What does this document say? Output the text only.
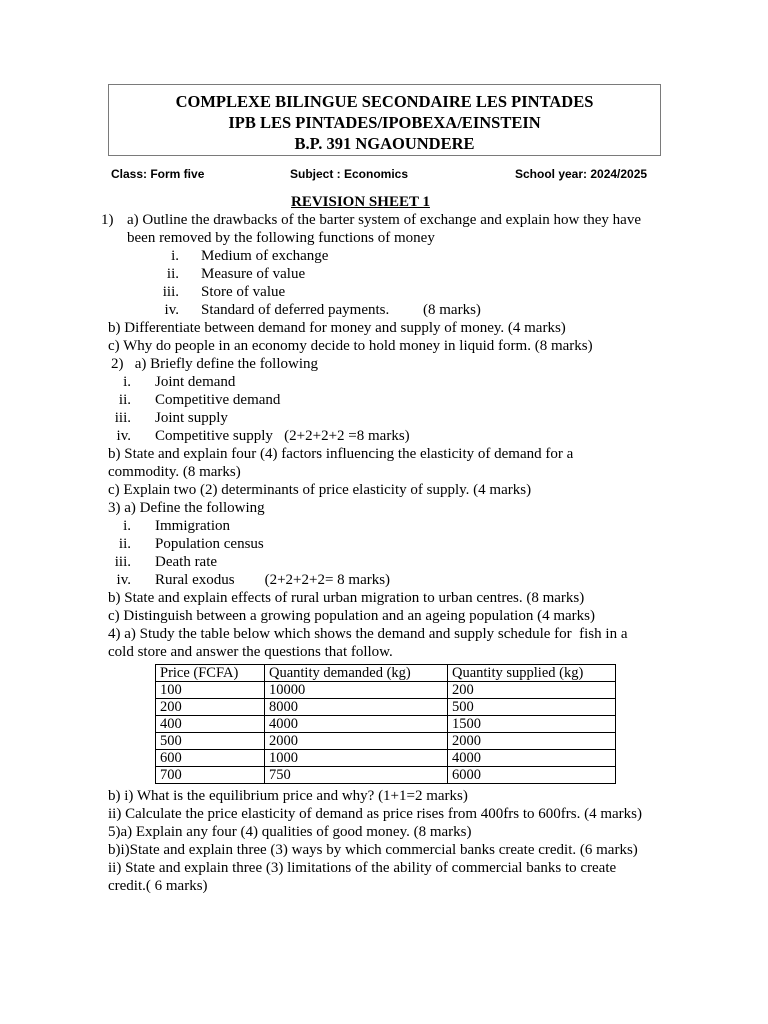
COMPLEXE BILINGUE SECONDAIRE LES PINTADES
IPB LES PINTADES/IPOBEXA/EINSTEIN
B.P. 391 NGAOUNDERE
Class: Form five	Subject : Economics	School year: 2024/2025
REVISION SHEET 1
1) a) Outline the drawbacks of the barter system of exchange and explain how they have
been removed by the following functions of money
i. Medium of exchange
ii. Measure of value
iii. Store of value
iv. Standard of deferred payments.         (8 marks)
b) Differentiate between demand for money and supply of money. (4 marks)
c) Why do people in an economy decide to hold money in liquid form. (8 marks)
2)   a) Briefly define the following
i. Joint demand
ii. Competitive demand
iii. Joint supply
iv. Competitive supply   (2+2+2+2 =8 marks)
b) State and explain four (4) factors influencing the elasticity of demand for a
commodity. (8 marks)
c) Explain two (2) determinants of price elasticity of supply. (4 marks)
3) a) Define the following
i. Immigration
ii. Population census
iii. Death rate
iv. Rural exodus        (2+2+2+2= 8 marks)
b) State and explain effects of rural urban migration to urban centres. (8 marks)
c) Distinguish between a growing population and an ageing population (4 marks)
4) a) Study the table below which shows the demand and supply schedule for  fish in a
cold store and answer the questions that follow.
Price (FCFA)	Quantity demanded (kg)	Quantity supplied (kg)
100	10000	200
200	8000	500
400	4000	1500
500	2000	2000
600	1000	4000
700	750	6000
b) i) What is the equilibrium price and why? (1+1=2 marks)
ii) Calculate the price elasticity of demand as price rises from 400frs to 600frs. (4 marks)
5)a) Explain any four (4) qualities of good money. (8 marks)
b)i)State and explain three (3) ways by which commercial banks create credit. (6 marks)
ii) State and explain three (3) limitations of the ability of commercial banks to create
credit.( 6 marks)
